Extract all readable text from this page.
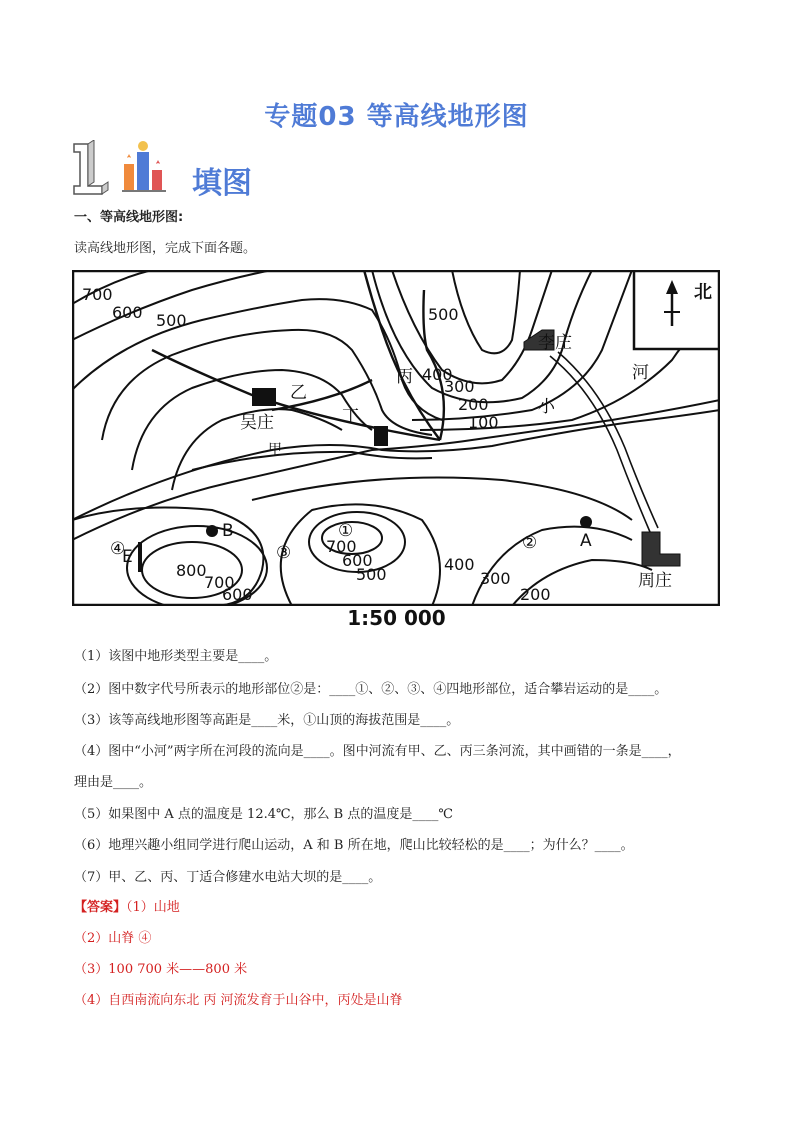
专题03 等高线地形图
填图
一、等高线地形图:
读高线地形图，完成下面各题。
北
700
600 500	500
400
300
200
100
800
700
600
700
600
500
400
300
200
吴庄
李庄
周庄
乙
丙
丁
甲
河
小
B	A
E
①
②
③
④
1:50 000
（1）该图中地形类型主要是____。
（2）图中数字代号所表示的地形部位②是：____①、②、③、④四地形部位，适合攀岩运动的是____。
（3）该等高线地形图等高距是____米，①山顶的海拔范围是____。
（4）图中“小河”两字所在河段的流向是____。图中河流有甲、乙、丙三条河流，其中画错的一条是____，
理由是____。
（5）如果图中 A 点的温度是 12.4℃，那么 B 点的温度是____℃
（6）地理兴趣小组同学进行爬山运动，A 和 B 所在地，爬山比较轻松的是____；为什么？____。
（7）甲、乙、丙、丁适合修建水电站大坝的是____。
【答案】（1）山地
（2）山脊 ④
（3）100 700 米——800 米
（4）自西南流向东北 丙 河流发育于山谷中，丙处是山脊
